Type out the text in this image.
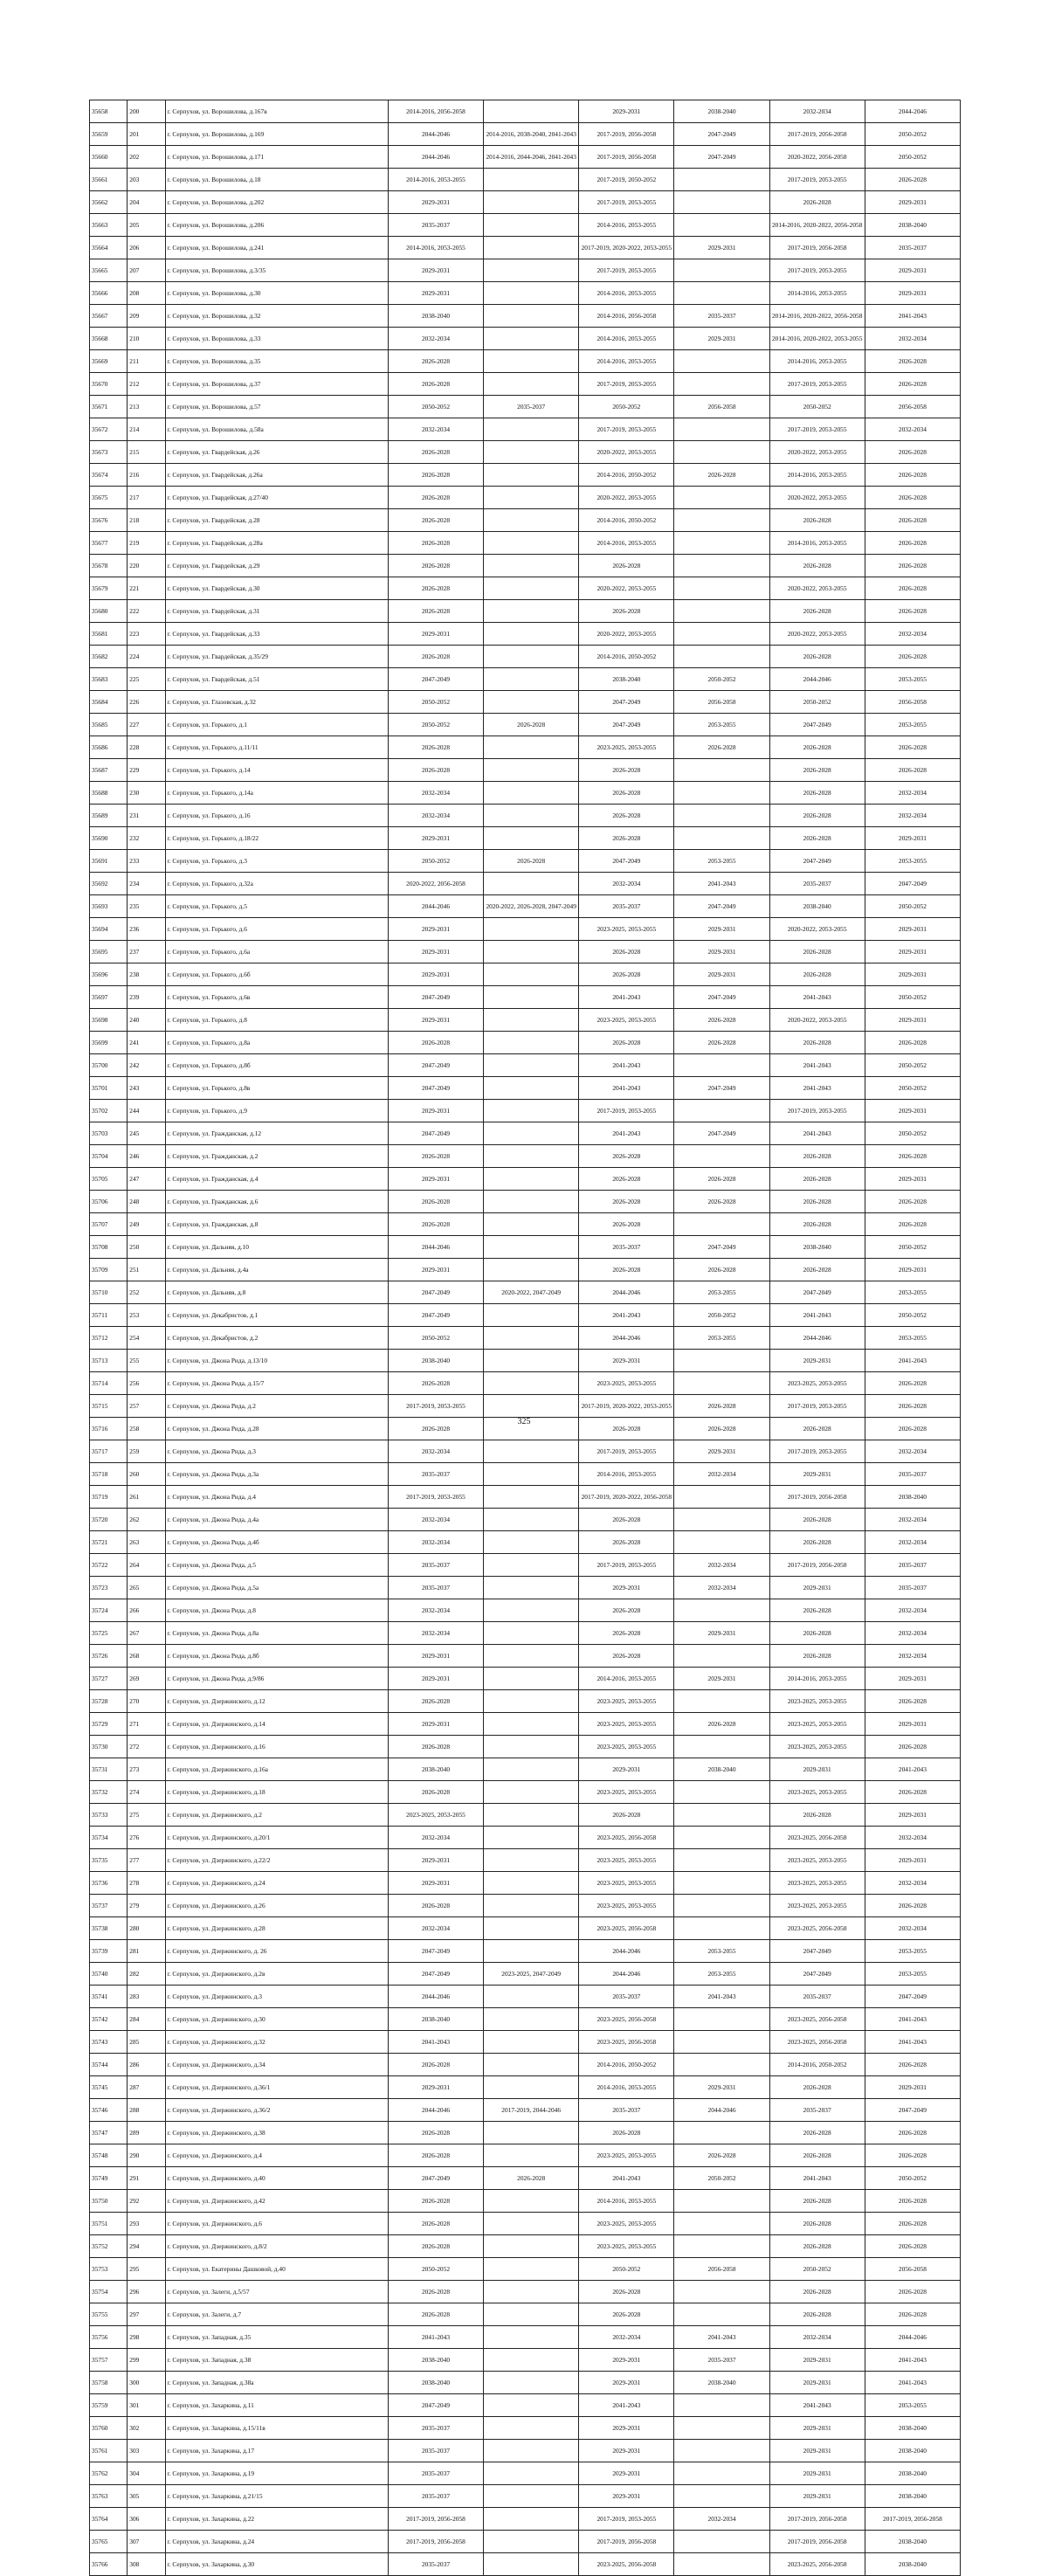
35658	200	г. Серпухов, ул. Ворошилова, д.167в	2014-2016, 2056-2058		2029-2031	2038-2040	2032-2034	2044-2046
35659	201	г. Серпухов, ул. Ворошилова, д.169	2044-2046	2014-2016, 2038-2040, 2041-2043	2017-2019, 2056-2058	2047-2049	2017-2019, 2056-2058	2050-2052
35660	202	г. Серпухов, ул. Ворошилова, д.171	2044-2046	2014-2016, 2044-2046, 2041-2043	2017-2019, 2056-2058	2047-2049	2020-2022, 2056-2058	2050-2052
35661	203	г. Серпухов, ул. Ворошилова, д.18	2014-2016, 2053-2055		2017-2019, 2050-2052		2017-2019, 2053-2055	2026-2028
35662	204	г. Серпухов, ул. Ворошилова, д.202	2029-2031		2017-2019, 2053-2055		2026-2028	2029-2031
35663	205	г. Серпухов, ул. Ворошилова, д.206	2035-2037		2014-2016, 2053-2055		2014-2016, 2020-2022, 2056-2058	2038-2040
35664	206	г. Серпухов, ул. Ворошилова, д.241	2014-2016, 2053-2055		2017-2019, 2020-2022, 2053-2055	2029-2031	2017-2019, 2056-2058	2035-2037
35665	207	г. Серпухов, ул. Ворошилова, д.3/35	2029-2031		2017-2019, 2053-2055		2017-2019, 2053-2055	2029-2031
35666	208	г. Серпухов, ул. Ворошилова, д.30	2029-2031		2014-2016, 2053-2055		2014-2016, 2053-2055	2029-2031
35667	209	г. Серпухов, ул. Ворошилова, д.32	2038-2040		2014-2016, 2056-2058	2035-2037	2014-2016, 2020-2022, 2056-2058	2041-2043
35668	210	г. Серпухов, ул. Ворошилова, д.33	2032-2034		2014-2016, 2053-2055	2029-2031	2014-2016, 2020-2022, 2053-2055	2032-2034
35669	211	г. Серпухов, ул. Ворошилова, д.35	2026-2028		2014-2016, 2053-2055		2014-2016, 2053-2055	2026-2028
35670	212	г. Серпухов, ул. Ворошилова, д.37	2026-2028		2017-2019, 2053-2055		2017-2019, 2053-2055	2026-2028
35671	213	г. Серпухов, ул. Ворошилова, д.57	2050-2052	2035-2037	2050-2052	2056-2058	2050-2052	2056-2058
35672	214	г. Серпухов, ул. Ворошилова, д.58а	2032-2034		2017-2019, 2053-2055		2017-2019, 2053-2055	2032-2034
35673	215	г. Серпухов, ул. Гвардейская, д.26	2026-2028		2020-2022, 2053-2055		2020-2022, 2053-2055	2026-2028
35674	216	г. Серпухов, ул. Гвардейская, д.26а	2026-2028		2014-2016, 2050-2052	2026-2028	2014-2016, 2053-2055	2026-2028
35675	217	г. Серпухов, ул. Гвардейская, д.27/40	2026-2028		2020-2022, 2053-2055		2020-2022, 2053-2055	2026-2028
35676	218	г. Серпухов, ул. Гвардейская, д.28	2026-2028		2014-2016, 2050-2052		2026-2028	2026-2028
35677	219	г. Серпухов, ул. Гвардейская, д.28а	2026-2028		2014-2016, 2053-2055		2014-2016, 2053-2055	2026-2028
35678	220	г. Серпухов, ул. Гвардейская, д.29	2026-2028		2026-2028		2026-2028	2026-2028
35679	221	г. Серпухов, ул. Гвардейская, д.30	2026-2028		2020-2022, 2053-2055		2020-2022, 2053-2055	2026-2028
35680	222	г. Серпухов, ул. Гвардейская, д.31	2026-2028		2026-2028		2026-2028	2026-2028
35681	223	г. Серпухов, ул. Гвардейская, д.33	2029-2031		2020-2022, 2053-2055		2020-2022, 2053-2055	2032-2034
35682	224	г. Серпухов, ул. Гвардейская, д.35/29	2026-2028		2014-2016, 2050-2052		2026-2028	2026-2028
35683	225	г. Серпухов, ул. Гвардейская, д.51	2047-2049		2038-2040	2050-2052	2044-2046	2053-2055
35684	226	г. Серпухов, ул. Глазовская, д.32	2050-2052		2047-2049	2056-2058	2050-2052	2056-2058
35685	227	г. Серпухов, ул. Горького, д.1	2050-2052	2026-2028	2047-2049	2053-2055	2047-2049	2053-2055
35686	228	г. Серпухов, ул. Горького, д.11/11	2026-2028		2023-2025, 2053-2055	2026-2028	2026-2028	2026-2028
35687	229	г. Серпухов, ул. Горького, д.14	2026-2028		2026-2028		2026-2028	2026-2028
35688	230	г. Серпухов, ул. Горького, д.14а	2032-2034		2026-2028		2026-2028	2032-2034
35689	231	г. Серпухов, ул. Горького, д.16	2032-2034		2026-2028		2026-2028	2032-2034
35690	232	г. Серпухов, ул. Горького, д.18/22	2029-2031		2026-2028		2026-2028	2029-2031
35691	233	г. Серпухов, ул. Горького, д.3	2050-2052	2026-2028	2047-2049	2053-2055	2047-2049	2053-2055
35692	234	г. Серпухов, ул. Горького, д.32а	2020-2022, 2056-2058		2032-2034	2041-2043	2035-2037	2047-2049
35693	235	г. Серпухов, ул. Горького, д.5	2044-2046	2020-2022, 2026-2028, 2047-2049	2035-2037	2047-2049	2038-2040	2050-2052
35694	236	г. Серпухов, ул. Горького, д.6	2029-2031		2023-2025, 2053-2055	2029-2031	2020-2022, 2053-2055	2029-2031
35695	237	г. Серпухов, ул. Горького, д.6а	2029-2031		2026-2028	2029-2031	2026-2028	2029-2031
35696	238	г. Серпухов, ул. Горького, д.6б	2029-2031		2026-2028	2029-2031	2026-2028	2029-2031
35697	239	г. Серпухов, ул. Горького, д.6в	2047-2049		2041-2043	2047-2049	2041-2043	2050-2052
35698	240	г. Серпухов, ул. Горького, д.8	2029-2031		2023-2025, 2053-2055	2026-2028	2020-2022, 2053-2055	2029-2031
35699	241	г. Серпухов, ул. Горького, д.8а	2026-2028		2026-2028	2026-2028	2026-2028	2026-2028
35700	242	г. Серпухов, ул. Горького, д.8б	2047-2049		2041-2043		2041-2043	2050-2052
35701	243	г. Серпухов, ул. Горького, д.8в	2047-2049		2041-2043	2047-2049	2041-2043	2050-2052
35702	244	г. Серпухов, ул. Горького, д.9	2029-2031		2017-2019, 2053-2055		2017-2019, 2053-2055	2029-2031
35703	245	г. Серпухов, ул. Гражданская, д.12	2047-2049		2041-2043	2047-2049	2041-2043	2050-2052
35704	246	г. Серпухов, ул. Гражданская, д.2	2026-2028		2026-2028		2026-2028	2026-2028
35705	247	г. Серпухов, ул. Гражданская, д.4	2029-2031		2026-2028	2026-2028	2026-2028	2029-2031
35706	248	г. Серпухов, ул. Гражданская, д.6	2026-2028		2026-2028	2026-2028	2026-2028	2026-2028
35707	249	г. Серпухов, ул. Гражданская, д.8	2026-2028		2026-2028		2026-2028	2026-2028
35708	250	г. Серпухов, ул. Дальняя, д.10	2044-2046		2035-2037	2047-2049	2038-2040	2050-2052
35709	251	г. Серпухов, ул. Дальняя, д.4а	2029-2031		2026-2028	2026-2028	2026-2028	2029-2031
35710	252	г. Серпухов, ул. Дальняя, д.8	2047-2049	2020-2022, 2047-2049	2044-2046	2053-2055	2047-2049	2053-2055
35711	253	г. Серпухов, ул. Декабристов, д.1	2047-2049		2041-2043	2050-2052	2041-2043	2050-2052
35712	254	г. Серпухов, ул. Декабристов, д.2	2050-2052		2044-2046	2053-2055	2044-2046	2053-2055
35713	255	г. Серпухов, ул. Джона Рида, д.13/10	2038-2040		2029-2031		2029-2031	2041-2043
35714	256	г. Серпухов, ул. Джона Рида, д.15/7	2026-2028		2023-2025, 2053-2055		2023-2025, 2053-2055	2026-2028
35715	257	г. Серпухов, ул. Джона Рида, д.2	2017-2019, 2053-2055		2017-2019, 2020-2022, 2053-2055	2026-2028	2017-2019, 2053-2055	2026-2028
35716	258	г. Серпухов, ул. Джона Рида, д.28	2026-2028		2026-2028	2026-2028	2026-2028	2026-2028
35717	259	г. Серпухов, ул. Джона Рида, д.3	2032-2034		2017-2019, 2053-2055	2029-2031	2017-2019, 2053-2055	2032-2034
35718	260	г. Серпухов, ул. Джона Рида, д.3а	2035-2037		2014-2016, 2053-2055	2032-2034	2029-2031	2035-2037
35719	261	г. Серпухов, ул. Джона Рида, д.4	2017-2019, 2053-2055		2017-2019, 2020-2022, 2056-2058		2017-2019, 2056-2058	2038-2040
35720	262	г. Серпухов, ул. Джона Рида, д.4а	2032-2034		2026-2028		2026-2028	2032-2034
35721	263	г. Серпухов, ул. Джона Рида, д.4б	2032-2034		2026-2028		2026-2028	2032-2034
35722	264	г. Серпухов, ул. Джона Рида, д.5	2035-2037		2017-2019, 2053-2055	2032-2034	2017-2019, 2056-2058	2035-2037
35723	265	г. Серпухов, ул. Джона Рида, д.5а	2035-2037		2029-2031	2032-2034	2029-2031	2035-2037
35724	266	г. Серпухов, ул. Джона Рида, д.8	2032-2034		2026-2028		2026-2028	2032-2034
35725	267	г. Серпухов, ул. Джона Рида, д.8а	2032-2034		2026-2028	2029-2031	2026-2028	2032-2034
35726	268	г. Серпухов, ул. Джона Рида, д.8б	2029-2031		2026-2028		2026-2028	2032-2034
35727	269	г. Серпухов, ул. Джона Рида, д.9/86	2029-2031		2014-2016, 2053-2055	2029-2031	2014-2016, 2053-2055	2029-2031
35728	270	г. Серпухов, ул. Дзержинского, д.12	2026-2028		2023-2025, 2053-2055		2023-2025, 2053-2055	2026-2028
35729	271	г. Серпухов, ул. Дзержинского, д.14	2029-2031		2023-2025, 2053-2055	2026-2028	2023-2025, 2053-2055	2029-2031
35730	272	г. Серпухов, ул. Дзержинского, д.16	2026-2028		2023-2025, 2053-2055		2023-2025, 2053-2055	2026-2028
35731	273	г. Серпухов, ул. Дзержинского, д.16а	2038-2040		2029-2031	2038-2040	2029-2031	2041-2043
35732	274	г. Серпухов, ул. Дзержинского, д.18	2026-2028		2023-2025, 2053-2055		2023-2025, 2053-2055	2026-2028
35733	275	г. Серпухов, ул. Дзержинского, д.2	2023-2025, 2053-2055		2026-2028		2026-2028	2029-2031
35734	276	г. Серпухов, ул. Дзержинского, д.20/1	2032-2034		2023-2025, 2056-2058		2023-2025, 2056-2058	2032-2034
35735	277	г. Серпухов, ул. Дзержинского, д.22/2	2029-2031		2023-2025, 2053-2055		2023-2025, 2053-2055	2029-2031
35736	278	г. Серпухов, ул. Дзержинского, д.24	2029-2031		2023-2025, 2053-2055		2023-2025, 2053-2055	2032-2034
35737	279	г. Серпухов, ул. Дзержинского, д.26	2026-2028		2023-2025, 2053-2055		2023-2025, 2053-2055	2026-2028
35738	280	г. Серпухов, ул. Дзержинского, д.28	2032-2034		2023-2025, 2056-2058		2023-2025, 2056-2058	2032-2034
35739	281	г. Серпухов, ул. Дзержинского, д. 26	2047-2049		2044-2046	2053-2055	2047-2049	2053-2055
35740	282	г. Серпухов, ул. Дзержинского, д.2в	2047-2049	2023-2025, 2047-2049	2044-2046	2053-2055	2047-2049	2053-2055
35741	283	г. Серпухов, ул. Дзержинского, д.3	2044-2046		2035-2037	2041-2043	2035-2037	2047-2049
35742	284	г. Серпухов, ул. Дзержинского, д.30	2038-2040		2023-2025, 2056-2058		2023-2025, 2056-2058	2041-2043
35743	285	г. Серпухов, ул. Дзержинского, д.32	2041-2043		2023-2025, 2056-2058		2023-2025, 2056-2058	2041-2043
35744	286	г. Серпухов, ул. Дзержинского, д.34	2026-2028		2014-2016, 2050-2052		2014-2016, 2050-2052	2026-2028
35745	287	г. Серпухов, ул. Дзержинского, д.36/1	2029-2031		2014-2016, 2053-2055	2029-2031	2026-2028	2029-2031
35746	288	г. Серпухов, ул. Дзержинского, д.36/2	2044-2046	2017-2019, 2044-2046	2035-2037	2044-2046	2035-2037	2047-2049
35747	289	г. Серпухов, ул. Дзержинского, д.38	2026-2028		2026-2028		2026-2028	2026-2028
35748	290	г. Серпухов, ул. Дзержинского, д.4	2026-2028		2023-2025, 2053-2055	2026-2028	2026-2028	2026-2028
35749	291	г. Серпухов, ул. Дзержинского, д.40	2047-2049	2026-2028	2041-2043	2050-2052	2041-2043	2050-2052
35750	292	г. Серпухов, ул. Дзержинского, д.42	2026-2028		2014-2016, 2053-2055		2026-2028	2026-2028
35751	293	г. Серпухов, ул. Дзержинского, д.6	2026-2028		2023-2025, 2053-2055		2026-2028	2026-2028
35752	294	г. Серпухов, ул. Дзержинского, д.8/2	2026-2028		2023-2025, 2053-2055		2026-2028	2026-2028
35753	295	г. Серпухов, ул. Екатерины Дашковой, д.40	2050-2052		2050-2052	2056-2058	2050-2052	2056-2058
35754	296	г. Серпухов, ул. Залеги, д.5/57	2026-2028		2026-2028		2026-2028	2026-2028
35755	297	г. Серпухов, ул. Залеги, д.7	2026-2028		2026-2028		2026-2028	2026-2028
35756	298	г. Серпухов, ул. Западная, д.35	2041-2043		2032-2034	2041-2043	2032-2034	2044-2046
35757	299	г. Серпухов, ул. Западная, д.38	2038-2040		2029-2031	2035-2037	2029-2031	2041-2043
35758	300	г. Серпухов, ул. Западная, д.38а	2038-2040		2029-2031	2038-2040	2029-2031	2041-2043
35759	301	г. Серпухов, ул. Захаркина, д.11	2047-2049		2041-2043		2041-2043	2053-2055
35760	302	г. Серпухов, ул. Захаркина, д.15/11в	2035-2037		2029-2031		2029-2031	2038-2040
35761	303	г. Серпухов, ул. Захаркина, д.17	2035-2037		2029-2031		2029-2031	2038-2040
35762	304	г. Серпухов, ул. Захаркина, д.19	2035-2037		2029-2031		2029-2031	2038-2040
35763	305	г. Серпухов, ул. Захаркина, д.21/15	2035-2037		2029-2031		2029-2031	2038-2040
35764	306	г. Серпухов, ул. Захаркина, д.22	2017-2019, 2056-2058		2017-2019, 2053-2055	2032-2034	2017-2019, 2056-2058	2017-2019, 2056-2058
35765	307	г. Серпухов, ул. Захаркина, д.24	2017-2019, 2056-2058		2017-2019, 2056-2058		2017-2019, 2056-2058	2038-2040
35766	308	г. Серпухов, ул. Захаркина, д.30	2035-2037		2023-2025, 2056-2058		2023-2025, 2056-2058	2038-2040
325
